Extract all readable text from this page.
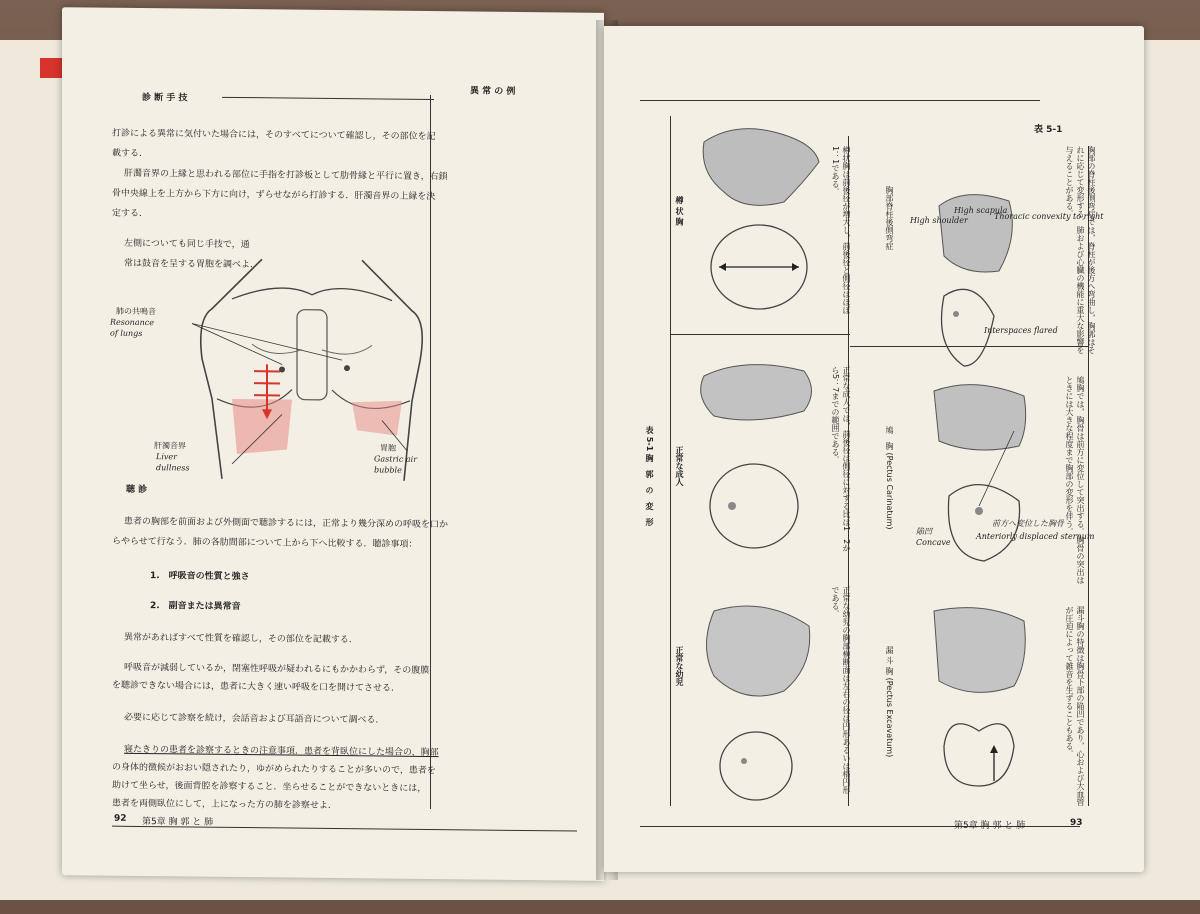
診 断 手 技
異 常 の 例
打診による異常に気付いた場合には，そのすべてについて確認し，その部位を記
載する．
肝濁音界の上縁と思われる部位に手指を打診板として肋骨縁と平行に置き，右鎖
骨中央線上を上方から下方に向け，ずらせながら打診する．肝濁音界の上縁を決
定する．
左側についても同じ手技で，通
常は鼓音を呈する胃胞を調べよ．
肺の共鳴音
Resonance
of lungs
肝濁音界
Liver
dullness
胃胞
Gastric air
bubble
聴 診
患者の胸部を前面および外側面で聴診するには，正常より幾分深めの呼吸を口か
らやらせて行なう．肺の各肋間部について上から下へ比較する．聴診事項：
1.　呼吸音の性質と強さ
2.　副音または異常音
異常があればすべて性質を確認し，その部位を記載する．
呼吸音が減弱しているか，閉塞性呼吸が疑われるにもかかわらず，その腹膜
を聴診できない場合には，患者に大きく速い呼吸を口を開けてさせる．
必要に応じて診察を続け，会話音および耳語音について調べる．
寝たきりの患者を診察するときの注意事項．患者を背臥位にした場合の，胸部
の身体的徴候がおおい隠されたり，ゆがめられたりすることが多いので，患者を
助けて坐らせ，後面背腔を診察すること．坐らせることができないときには，
患者を両側臥位にして，上になった方の肺を診察せよ．
92 第5章 胸 郭 と 肺
表 5-1
表 5-1 胸　郭　の　変　形
正常な幼児
正常な成人
樽 状 胸
漏 斗 胸 (Pectus Excavatum)
鳩　胸 (Pectus Carinatum)
胸部脊柱後側弯症
正常な幼児の胸部横断面は左右の径は円形あるいは楕円形である．
正常な成人では，前後径は側径に対する比は1：2から5：7までの範囲である．
樽状胸は前後径が増大し，前後径と側径はほぼ1：1である．
漏斗胸の特徴は胸骨下部の陥凹であり，心および大血管が圧迫によって雑音を生ずることもある．
鳩胸では，胸骨は前方に変位して突出する．胸骨の突出はときには大きな程度まで胸部の変形を伴う．
胸部の脊柱後側弯症では，脊柱が後方へ弯曲し，胸郭はそれに応じて変形する．肺および心臓の機能に重大な影響を与えることがある．
第5章 胸 郭 と 肺	93
陥凹
Concave
前方へ変位した胸骨
Anteriorly displaced sternum
High shoulder
High scapula
Thoracic convexity to right
Interspaces flared
